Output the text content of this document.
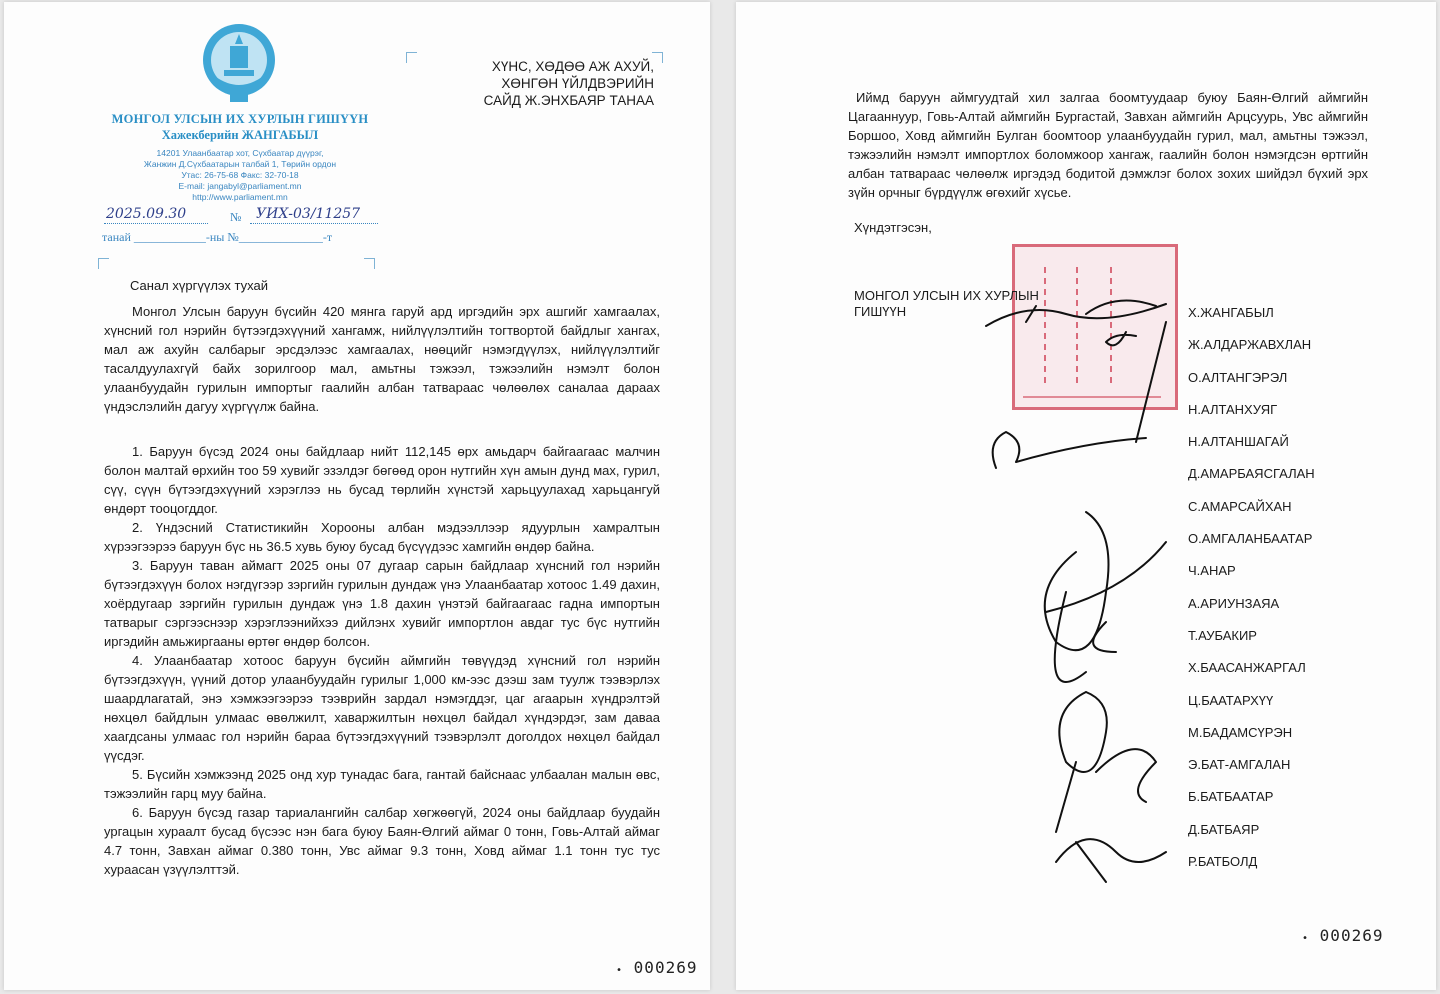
МОНГОЛ УЛСЫН ИХ ХУРЛЫН ГИШҮҮН
Хажекберийн ЖАНГАБЫЛ
14201 Улаанбаатар хот, Сүхбаатар дүүрэг,
Жанжин Д.Сүхбаатарын талбай 1, Төрийн ордон
Утас: 26-75-68 Факс: 32-70-18
E-mail: jangabyl@parliament.mn
http://www.parliament.mn
2025.09.30	№ УИХ-03/11257
танай ____________-ны №______________-т
ХҮНС, ХӨДӨӨ АЖ АХУЙ,
ХӨНГӨН ҮЙЛДВЭРИЙН
САЙД Ж.ЭНХБАЯР ТАНАА
Санал хүргүүлэх тухай

Монгол Улсын баруун бүсийн 420 мянга гаруй ард иргэдийн эрх ашгийг хамгаалах, хүнсний гол нэрийн бүтээгдэхүүний хангамж, нийлүүлэлтийн тогтвортой байдлыг хангах, мал аж ахуйн салбарыг эрсдэлээс хамгаалах, нөөцийг нэмэгдүүлэх, нийлүүлэлтийг тасалдуулахгүй байх зорилгоор мал, амьтны тэжээл, тэжээлийн нэмэлт болон улаанбуудайн гурилын импортыг гаалийн албан татвараас чөлөөлөх саналаа дараах үндэслэлийн дагуу хүргүүлж байна.

1. Баруун бүсэд 2024 оны байдлаар нийт 112,145 өрх амьдарч байгаагаас малчин болон малтай өрхийн тоо 59 хувийг эзэлдэг бөгөөд орон нутгийн хүн амын дунд мах, гурил, сүү, сүүн бүтээгдэхүүний хэрэглээ нь бусад төрлийн хүнстэй харьцуулахад харьцангуй өндөрт тооцогддог.

2. Үндэсний Статистикийн Хорооны албан мэдээллээр ядуурлын хамралтын хүрээгээрээ баруун бүс нь 36.5 хувь буюу бусад бүсүүдээс хамгийн өндөр байна.

3. Баруун таван аймагт 2025 оны 07 дугаар сарын байдлаар хүнсний гол нэрийн бүтээгдэхүүн болох нэгдүгээр зэргийн гурилын дундаж үнэ Улаанбаатар хотоос 1.49 дахин, хоёрдугаар зэргийн гурилын дундаж үнэ 1.8 дахин үнэтэй байгаагаас гадна импортын татварыг сэргээснээр хэрэглээнийхээ дийлэнх хувийг импортлон авдаг тус бүс нутгийн иргэдийн амьжиргааны өртөг өндөр болсон.

4. Улаанбаатар хотоос баруун бүсийн аймгийн төвүүдэд хүнсний гол нэрийн бүтээгдэхүүн, үүний дотор улаанбуудайн гурилыг 1,000 км-ээс дээш зам туулж тээвэрлэх шаардлагатай, энэ хэмжээгээрээ тээврийн зардал нэмэгддэг, цаг агаарын хүндрэлтэй нөхцөл байдлын улмаас өвөлжилт, хаваржилтын нөхцөл байдал хүндэрдэг, зам даваа хаагдсаны улмаас гол нэрийн бараа бүтээгдэхүүний тээвэрлэлт доголдох нөхцөл байдал үүсдэг.

5. Бүсийн хэмжээнд 2025 онд хур тунадас бага, гантай байснаас улбаалан малын өвс, тэжээлийн гарц муу байна.

6. Баруун бүсэд газар тариалангийн салбар хөгжөөгүй, 2024 оны байдлаар буудайн ургацын хураалт бусад бүсээс нэн бага буюу Баян-Өлгий аймаг 0 тонн, Говь-Алтай аймаг 4.7 тонн, Завхан аймаг 0.380 тонн, Увс аймаг 9.3 тонн, Ховд аймаг 1.1 тонн тус тус хураасан үзүүлэлттэй.

• 000269

Иймд баруун аймгуудтай хил залгаа боомтуудаар буюу Баян-Өлгий аймгийн Цагааннуур, Говь-Алтай аймгийн Бургастай, Завхан аймгийн Арцсуурь, Увс аймгийн Боршоо, Ховд аймгийн Булган боомтоор улаанбуудайн гурил, мал, амьтны тэжээл, тэжээлийн нэмэлт импортлох боломжоор хангаж, гаалийн болон нэмэгдсэн өртгийн албан татвараас чөлөөлж иргэдэд бодитой дэмжлэг болох зохих шийдэл бүхий эрх зүйн орчныг бүрдүүлж өгөхийг хүсье.

Хүндэтгэсэн,
МОНГОЛ УЛСЫН ИХ ХУРЛЫН
ГИШҮҮН	Х.ЖАНГАБЫЛ
Ж.АЛДАРЖАВХЛАН
О.АЛТАНГЭРЭЛ
Н.АЛТАНХУЯГ
Н.АЛТАНШАГАЙ
Д.АМАРБАЯСГАЛАН
С.АМАРСАЙХАН
О.АМГАЛАНБААТАР
Ч.АНАР
А.АРИУНЗАЯА
Т.АУБАКИР
Х.БААСАНЖАРГАЛ
Ц.БААТАРХҮҮ
М.БАДАМСҮРЭН
Э.БАТ-АМГАЛАН
Б.БАТБААТАР
Д.БАТБАЯР
Р.БАТБОЛД
• 000269
